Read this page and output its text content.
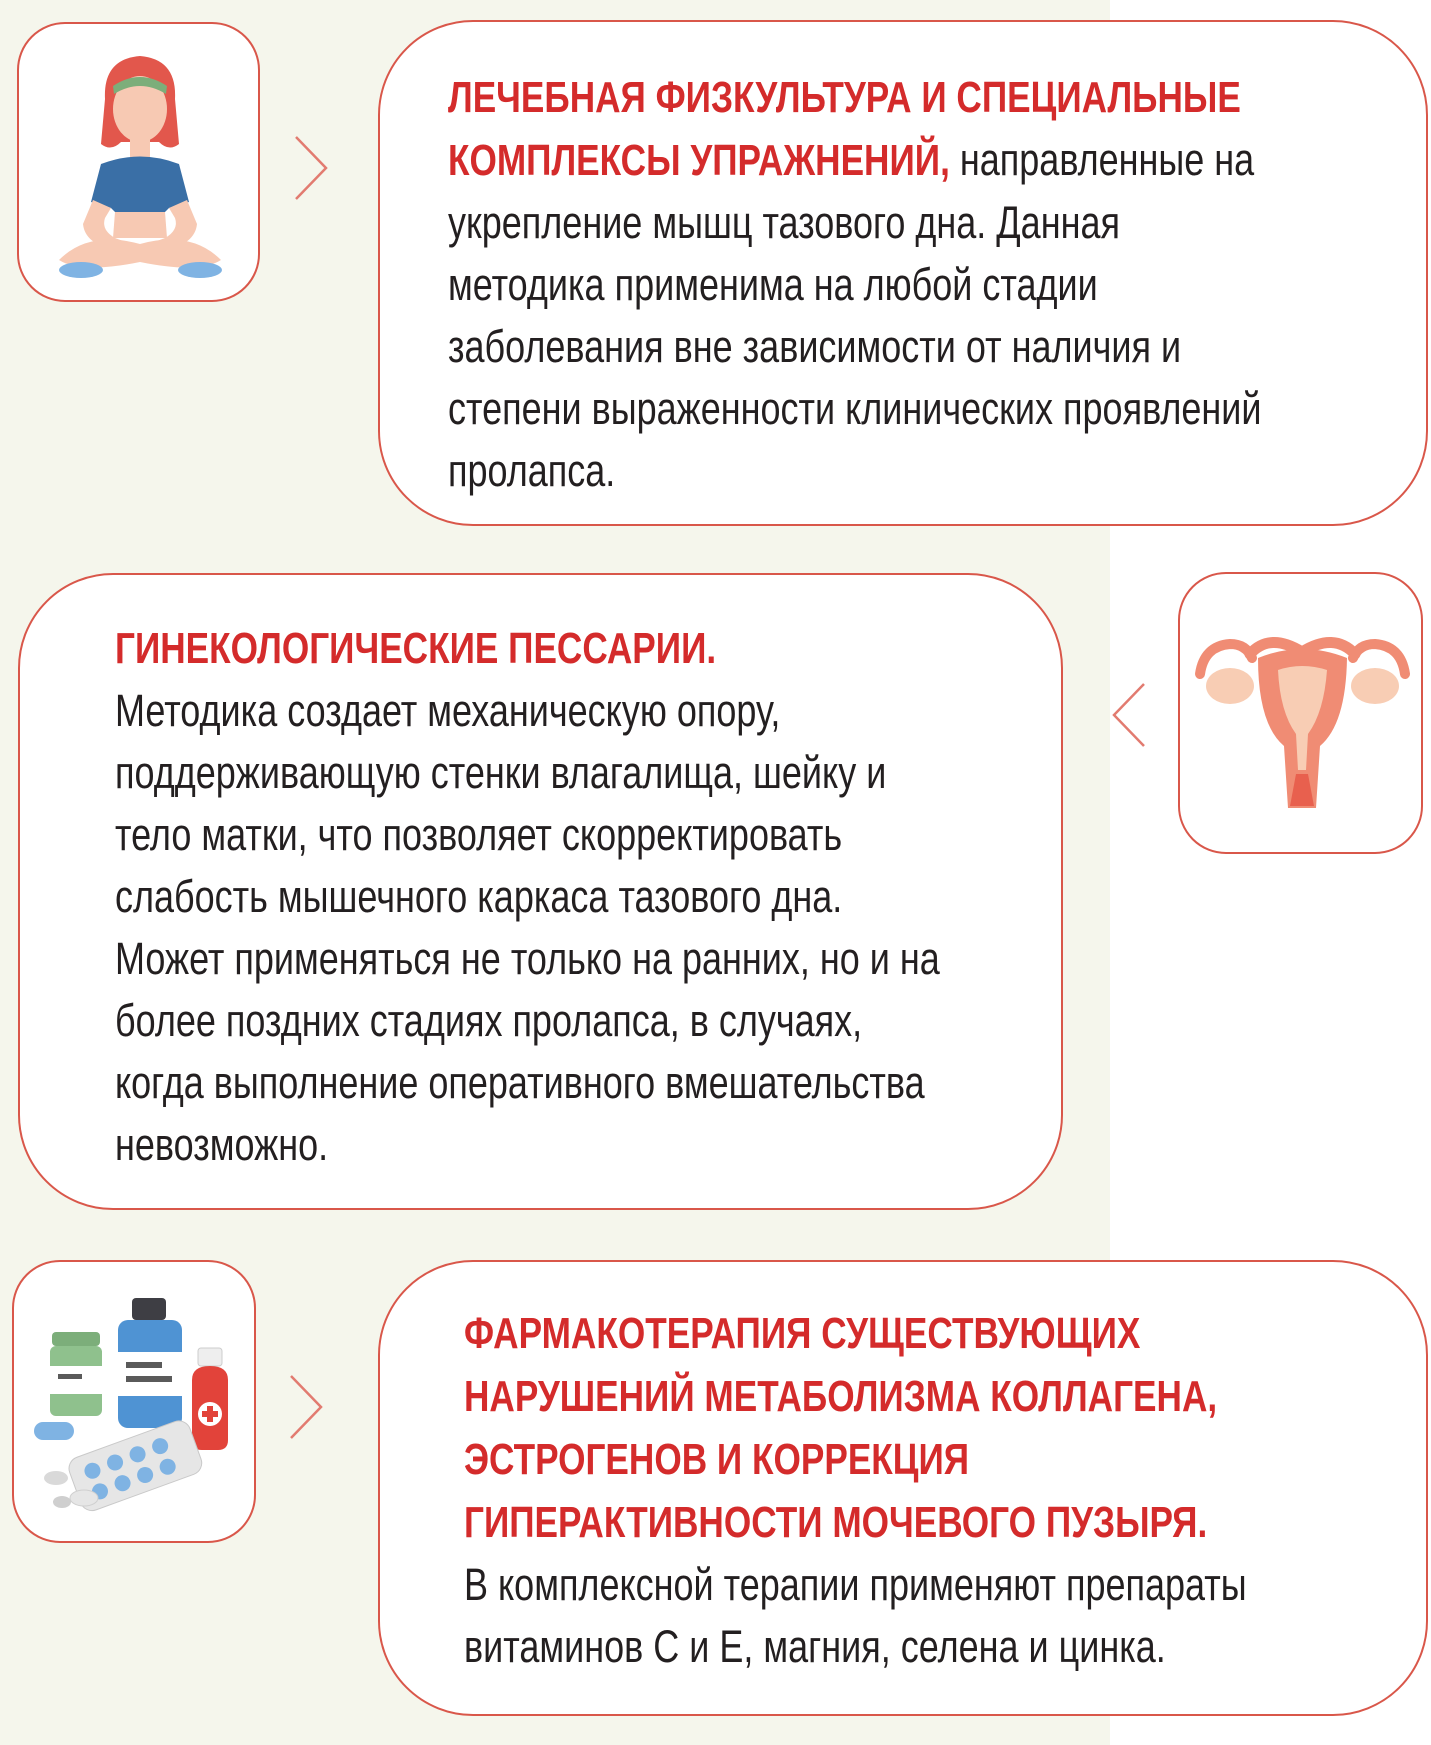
ЛЕЧЕБНАЯ ФИЗКУЛЬТУРА И СПЕЦИАЛЬНЫЕ КОМПЛЕКСЫ УПРАЖНЕНИЙ, направленные на укрепление мышц тазового дна. Данная методика применима на любой стадии заболевания вне зависимости от наличия и степени выраженности клинических проявлений пролапса.
ГИНЕКОЛОГИЧЕСКИЕ ПЕССАРИИ.
Методика создает механическую опору, поддерживающую стенки влагалища, шейку и тело матки, что позволяет скорректировать слабость мышечного каркаса тазового дна. Может применяться не только на ранних, но и на более поздних стадиях пролапса, в случаях, когда выполнение оперативного вмешательства невозможно.
ФАРМАКОТЕРАПИЯ СУЩЕСТВУЮЩИХ НАРУШЕНИЙ МЕТАБОЛИЗМА КОЛЛАГЕНА, ЭСТРОГЕНОВ И КОРРЕКЦИЯ ГИПЕРАКТИВНОСТИ МОЧЕВОГО ПУЗЫРЯ.
В комплексной терапии применяют препараты витаминов С и Е, магния, селена и цинка.
